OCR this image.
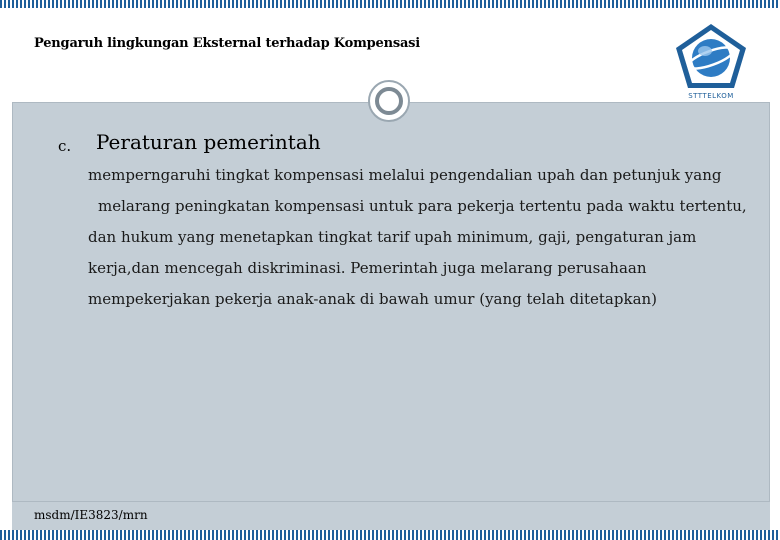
Pengaruh lingkungan Eksternal terhadap Kompensasi
STTTELKOM
c. Peraturan pemerintah
memperngaruhi tingkat kompensasi melalui pengendalian upah dan petunjuk yang
melarang peningkatan kompensasi untuk para pekerja tertentu pada waktu tertentu,
dan hukum yang menetapkan tingkat tarif upah minimum, gaji, pengaturan jam
kerja,dan mencegah diskriminasi. Pemerintah juga melarang perusahaan
mempekerjakan pekerja anak-anak di bawah umur (yang telah ditetapkan)
msdm/IE3823/mrn
